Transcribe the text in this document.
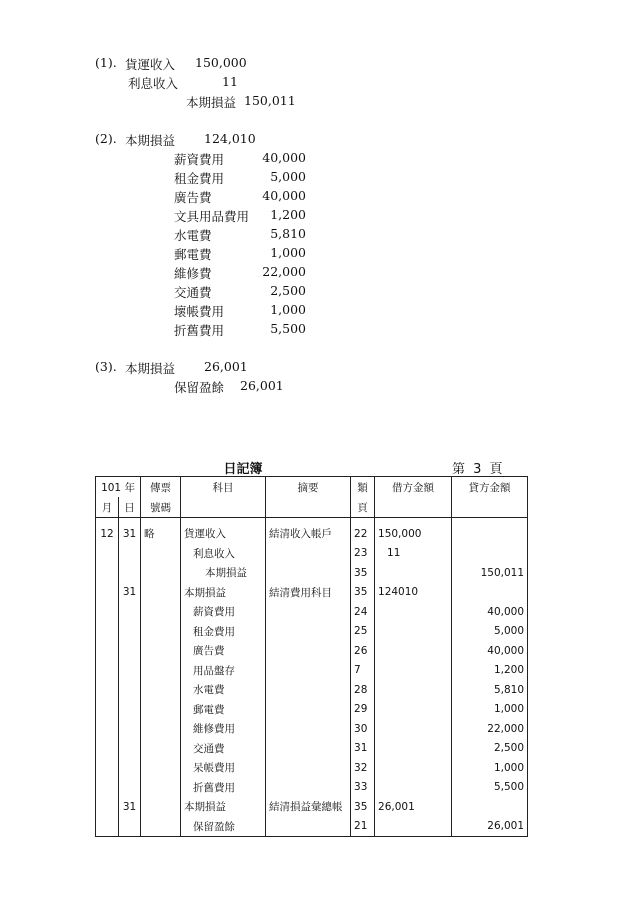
(1). 貨運收入 150,000
利息收入	11
本期損益 150,011
(2). 本期損益 124,010
薪資費用	40,000
租金費用	5,000
廣告費	40,000
文具用品費用	1,200
水電費	5,810
郵電費	1,000
維修費	22,000
交通費	2,500
壞帳費用	1,000
折舊費用	5,500
(3). 本期損益 26,001
保留盈餘 26,001
日記簿	第 3 頁
101 年		傳票	科目	摘要	類	借方金額	貸方金額
月	日	號碼			頁		

12	31	略	貨運收入	結清收入帳戶	22	150,000	
			利息收入		23	11	
			本期損益		35		150,011
	31		本期損益	結清費用科目	35	124010	
			薪資費用		24		40,000
			租金費用		25		5,000
			廣告費		26		40,000
			用品盤存		7		1,200
			水電費		28		5,810
			郵電費		29		1,000
			維修費用		30		22,000
			交通費		31		2,500
			呆帳費用		32		1,000
			折舊費用		33		5,500
	31		本期損益	結清損益彙總帳	35	26,001	
			保留盈餘		21		26,001
